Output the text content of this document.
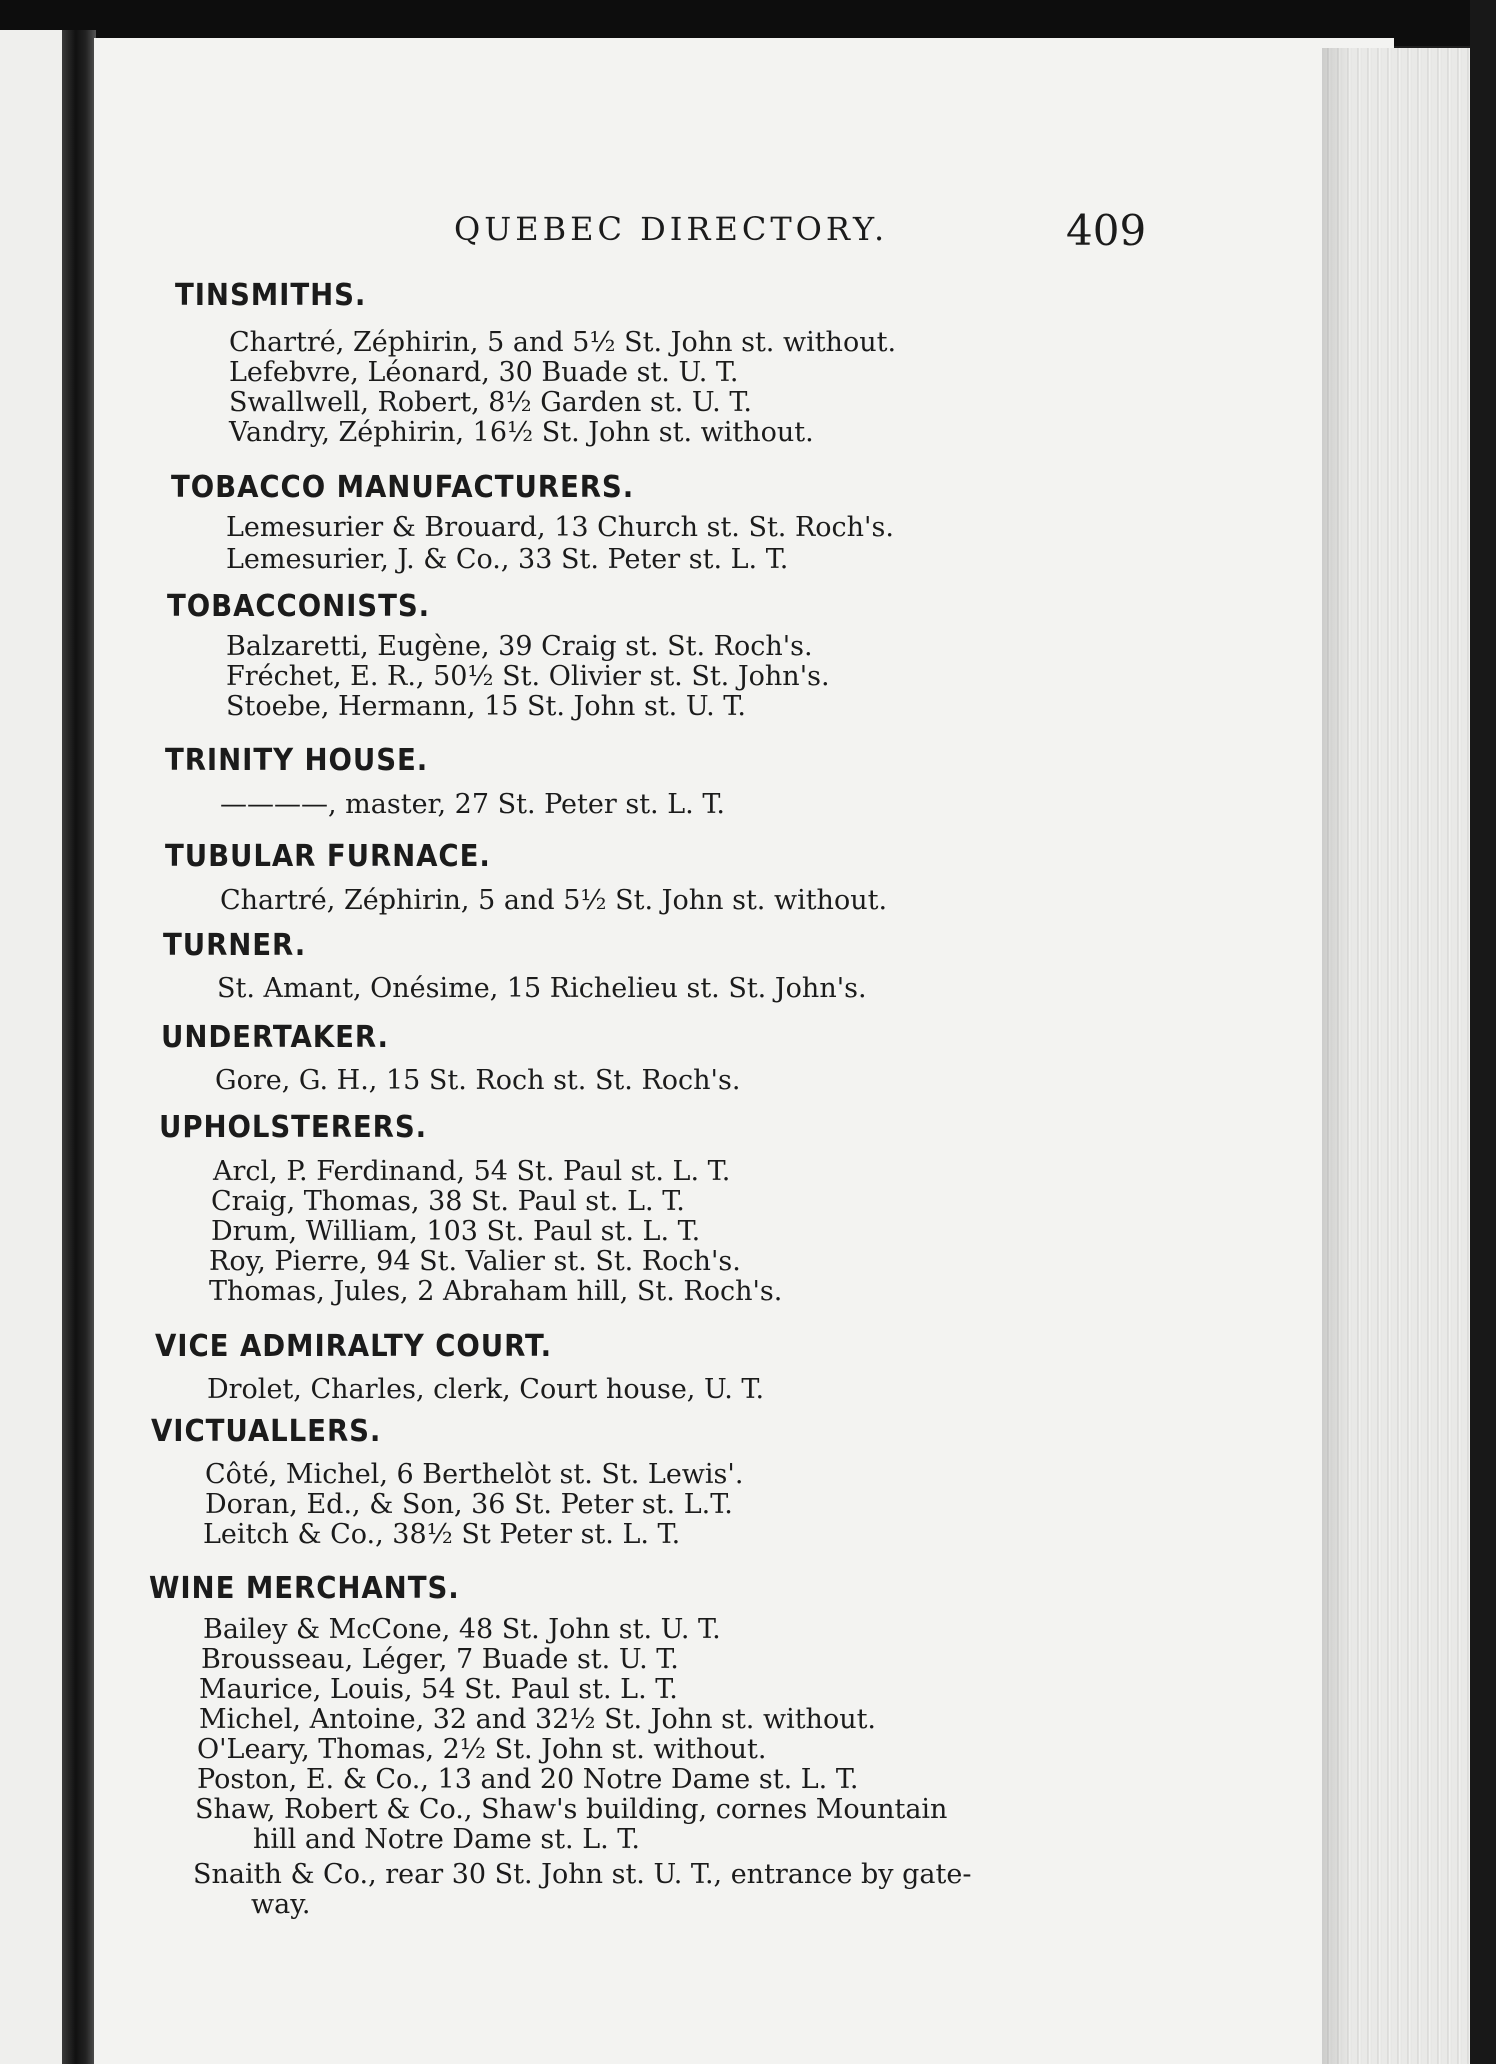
QUEBEC DIRECTORY.	409
TINSMITHS.
Chartré, Zéphirin, 5 and 5½ St. John st. without.
Lefebvre, Léonard, 30 Buade st. U. T.
Swallwell, Robert, 8½ Garden st. U. T.
Vandry, Zéphirin, 16½ St. John st. without.
TOBACCO MANUFACTURERS.
Lemesurier & Brouard, 13 Church st. St. Roch's.
Lemesurier, J. & Co., 33 St. Peter st. L. T.
TOBACCONISTS.
Balzaretti, Eugène, 39 Craig st. St. Roch's.
Fréchet, E. R., 50½ St. Olivier st. St. John's.
Stoebe, Hermann, 15 St. John st. U. T.
TRINITY HOUSE.
————, master, 27 St. Peter st. L. T.
TUBULAR FURNACE.
Chartré, Zéphirin, 5 and 5½ St. John st. without.
TURNER.
St. Amant, Onésime, 15 Richelieu st. St. John's.
UNDERTAKER.
Gore, G. H., 15 St. Roch st. St. Roch's.
UPHOLSTERERS.
Arcl, P. Ferdinand, 54 St. Paul st. L. T.
Craig, Thomas, 38 St. Paul st. L. T.
Drum, William, 103 St. Paul st. L. T.
Roy, Pierre, 94 St. Valier st. St. Roch's.
Thomas, Jules, 2 Abraham hill, St. Roch's.
VICE ADMIRALTY COURT.
Drolet, Charles, clerk, Court house, U. T.
VICTUALLERS.
Côté, Michel, 6 Berthelòt st. St. Lewis'.
Doran, Ed., & Son, 36 St. Peter st. L.T.
Leitch & Co., 38½ St Peter st. L. T.
WINE MERCHANTS.
Bailey & McCone, 48 St. John st. U. T.
Brousseau, Léger, 7 Buade st. U. T.
Maurice, Louis, 54 St. Paul st. L. T.
Michel, Antoine, 32 and 32½ St. John st. without.
O'Leary, Thomas, 2½ St. John st. without.
Poston, E. & Co., 13 and 20 Notre Dame st. L. T.
Shaw, Robert & Co., Shaw's building, cornes Mountain
hill and Notre Dame st. L. T.
Snaith & Co., rear 30 St. John st. U. T., entrance by gate-
way.
